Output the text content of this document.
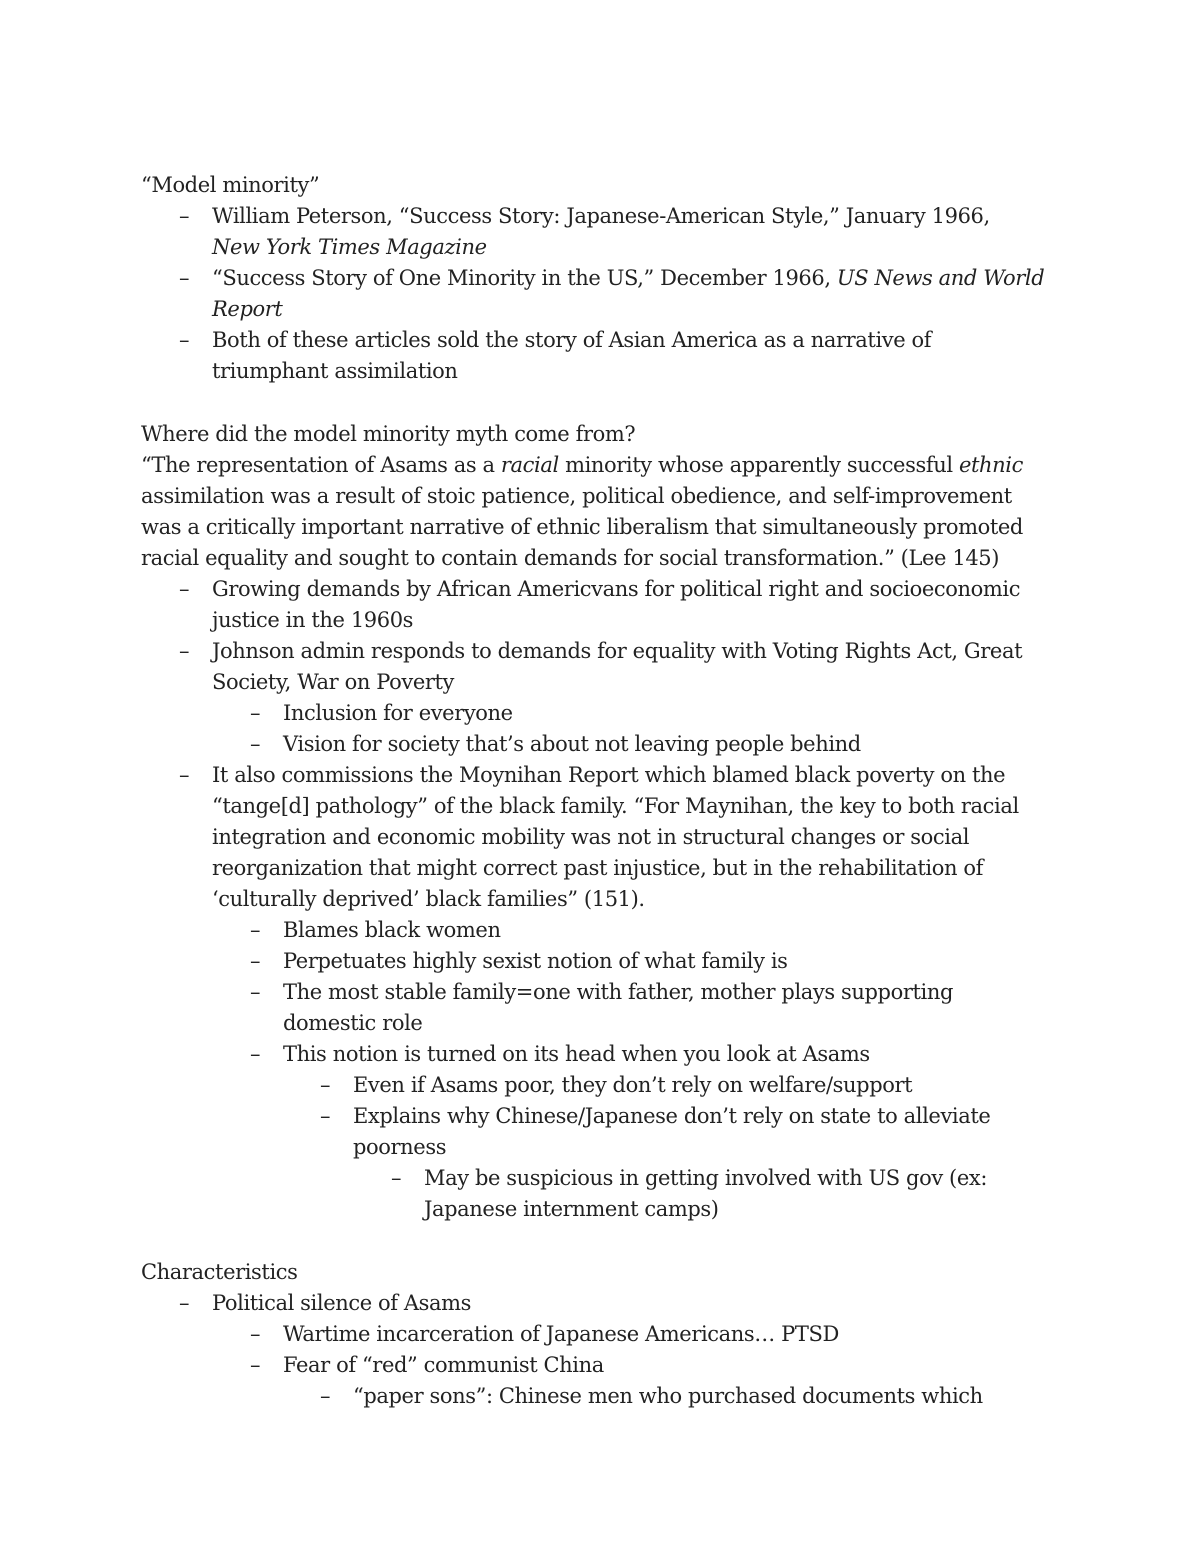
“Model minority”
– William Peterson, “Success Story: Japanese-American Style,” January 1966,
New York Times Magazine
– “Success Story of One Minority in the US,” December 1966, US News and World
Report
– Both of these articles sold the story of Asian America as a narrative of
triumphant assimilation
Where did the model minority myth come from?
“The representation of Asams as a racial minority whose apparently successful ethnic
assimilation was a result of stoic patience, political obedience, and self-improvement
was a critically important narrative of ethnic liberalism that simultaneously promoted
racial equality and sought to contain demands for social transformation.” (Lee 145)
– Growing demands by African Americvans for political right and socioeconomic
justice in the 1960s
– Johnson admin responds to demands for equality with Voting Rights Act, Great
Society, War on Poverty
– Inclusion for everyone
– Vision for society that’s about not leaving people behind
– It also commissions the Moynihan Report which blamed black poverty on the
“tange[d] pathology” of the black family. “For Maynihan, the key to both racial
integration and economic mobility was not in structural changes or social
reorganization that might correct past injustice, but in the rehabilitation of
‘culturally deprived’ black families” (151).
– Blames black women
– Perpetuates highly sexist notion of what family is
– The most stable family=one with father, mother plays supporting
domestic role
– This notion is turned on its head when you look at Asams
– Even if Asams poor, they don’t rely on welfare/support
– Explains why Chinese/Japanese don’t rely on state to alleviate
poorness
– May be suspicious in getting involved with US gov (ex:
Japanese internment camps)
Characteristics
– Political silence of Asams
– Wartime incarceration of Japanese Americans… PTSD
– Fear of “red” communist China
– “paper sons”: Chinese men who purchased documents which
